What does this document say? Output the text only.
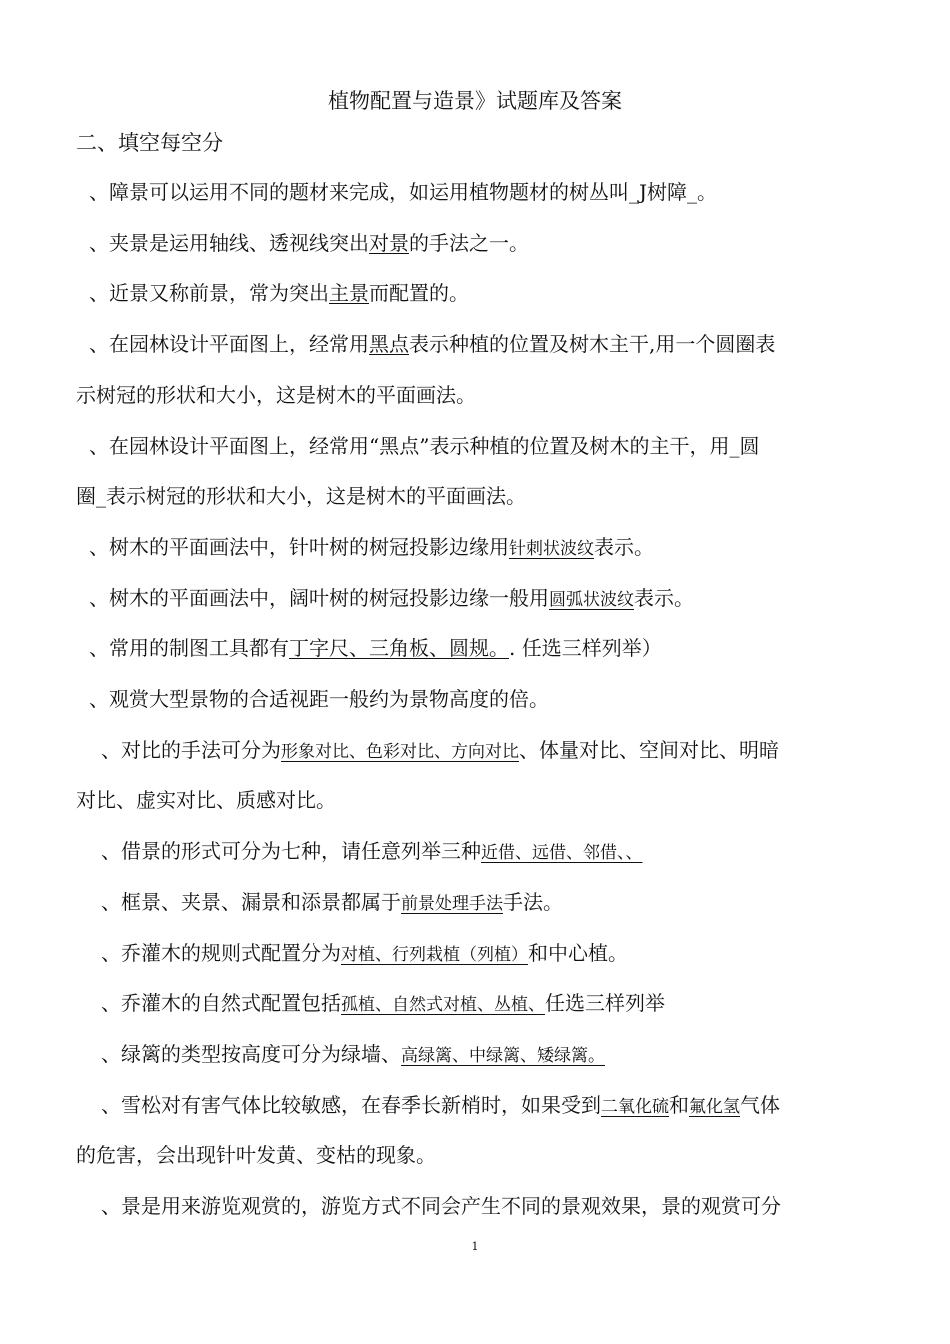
植物配置与造景》试题库及答案
二、填空每空分
、障景可以运用不同的题材来完成，如运用植物题材的树丛叫_J树障_。
、夹景是运用轴线、透视线突出对景的手法之一。
、近景又称前景，常为突出主景而配置的。
、在园林设计平面图上，经常用黑点表示种植的位置及树木主干,用一个圆圈表
示树冠的形状和大小，这是树木的平面画法。
、在园林设计平面图上，经常用“黑点”表示种植的位置及树木的主干，用_圆
圈_表示树冠的形状和大小，这是树木的平面画法。
、树木的平面画法中，针叶树的树冠投影边缘用针刺状波纹表示。
、树木的平面画法中，阔叶树的树冠投影边缘一般用圆弧状波纹表示。
、常用的制图工具都有丁字尺、三角板、圆规。. 任选三样列举）
、观赏大型景物的合适视距一般约为景物高度的倍。
、对比的手法可分为形象对比、色彩对比、方向对比、体量对比、空间对比、明暗
对比、虚实对比、质感对比。
、借景的形式可分为七种，请任意列举三种近借、远借、邻借、、
、框景、夹景、漏景和添景都属于前景处理手法手法。
、乔灌木的规则式配置分为对植、行列栽植（列植）和中心植。
、乔灌木的自然式配置包括孤植、自然式对植、丛植、任选三样列举
、绿篱的类型按高度可分为绿墙、高绿篱、中绿篱、矮绿篱。
、雪松对有害气体比较敏感，在春季长新梢时，如果受到二氧化硫和氟化氢气体
的危害，会出现针叶发黄、变枯的现象。
、景是用来游览观赏的，游览方式不同会产生不同的景观效果，景的观赏可分
1
